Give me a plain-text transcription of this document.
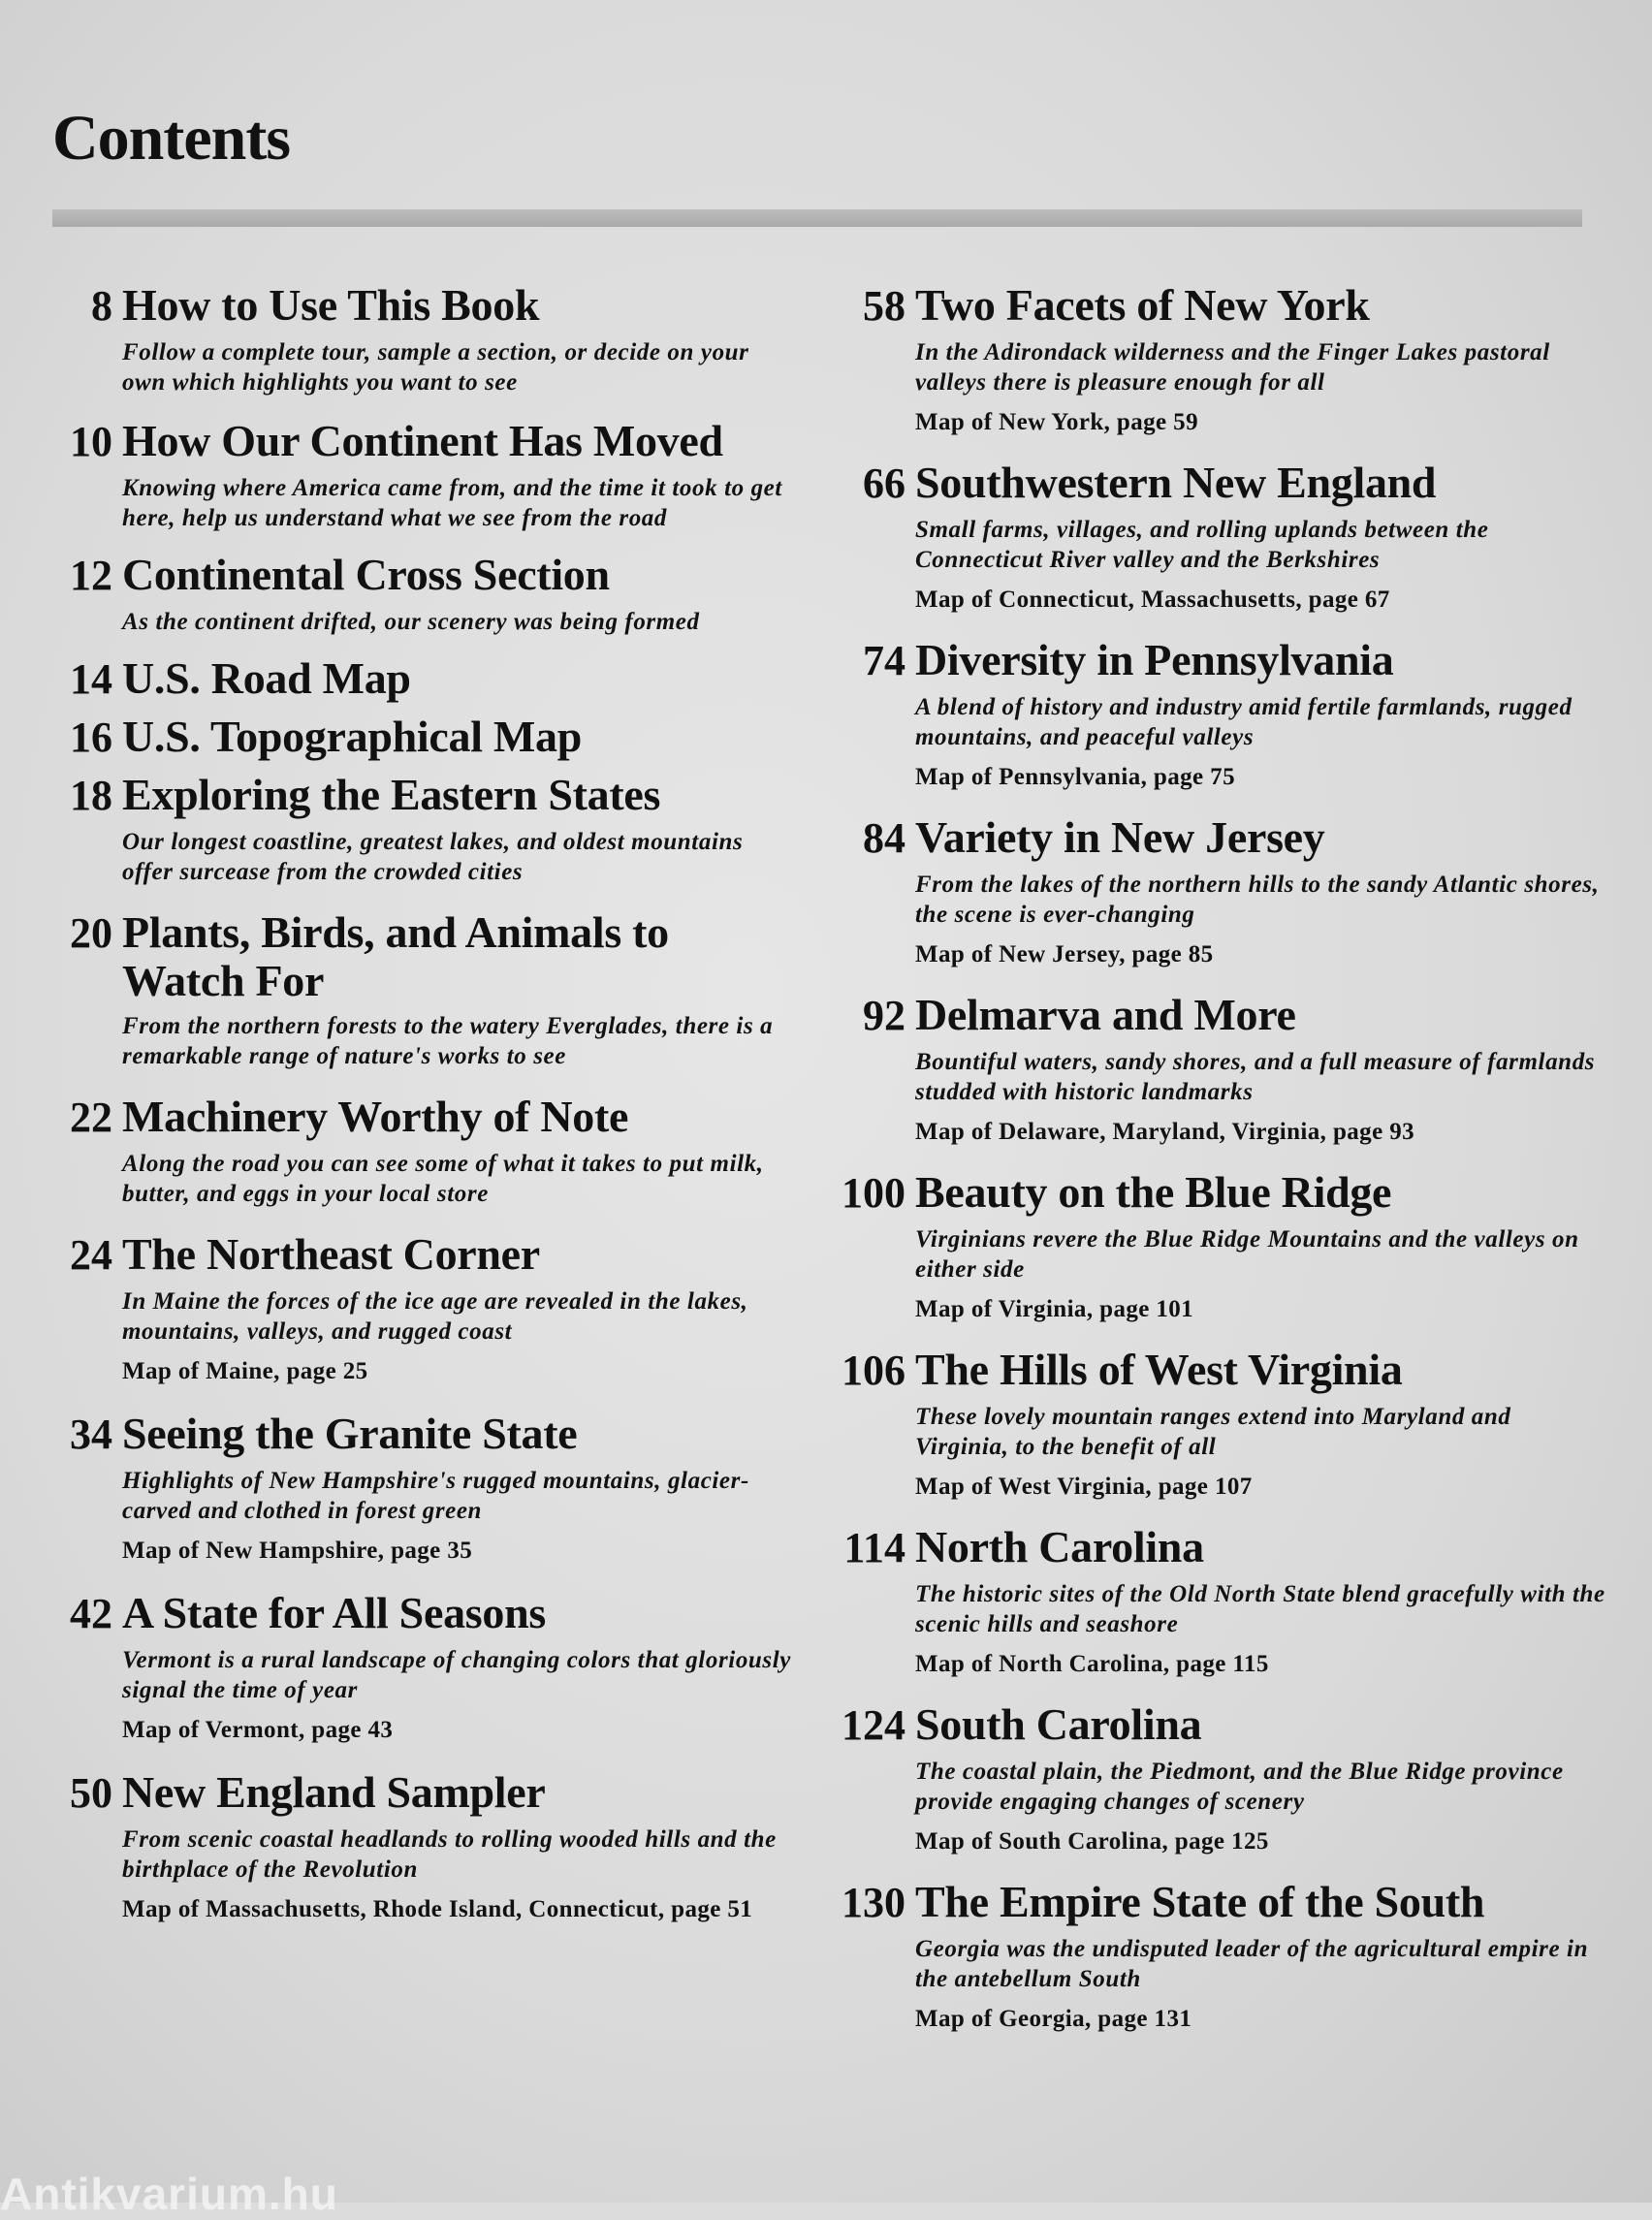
Contents
8 How to Use This Book
Follow a complete tour, sample a section, or decide on your own which highlights you want to see
10 How Our Continent Has Moved
Knowing where America came from, and the time it took to get here, help us understand what we see from the road
12 Continental Cross Section
As the continent drifted, our scenery was being formed
14 U.S. Road Map
16 U.S. Topographical Map
18 Exploring the Eastern States
Our longest coastline, greatest lakes, and oldest mountains offer surcease from the crowded cities
20 Plants, Birds, and Animals to Watch For
From the northern forests to the watery Everglades, there is a remarkable range of nature's works to see
22 Machinery Worthy of Note
Along the road you can see some of what it takes to put milk, butter, and eggs in your local store
24 The Northeast Corner
In Maine the forces of the ice age are revealed in the lakes, mountains, valleys, and rugged coast
Map of Maine, page 25
34 Seeing the Granite State
Highlights of New Hampshire's rugged mountains, glacier-carved and clothed in forest green
Map of New Hampshire, page 35
42 A State for All Seasons
Vermont is a rural landscape of changing colors that gloriously signal the time of year
Map of Vermont, page 43
50 New England Sampler
From scenic coastal headlands to rolling wooded hills and the birthplace of the Revolution
Map of Massachusetts, Rhode Island, Connecticut, page 51
58 Two Facets of New York
In the Adirondack wilderness and the Finger Lakes pastoral valleys there is pleasure enough for all
Map of New York, page 59
66 Southwestern New England
Small farms, villages, and rolling uplands between the Connecticut River valley and the Berkshires
Map of Connecticut, Massachusetts, page 67
74 Diversity in Pennsylvania
A blend of history and industry amid fertile farmlands, rugged mountains, and peaceful valleys
Map of Pennsylvania, page 75
84 Variety in New Jersey
From the lakes of the northern hills to the sandy Atlantic shores, the scene is ever-changing
Map of New Jersey, page 85
92 Delmarva and More
Bountiful waters, sandy shores, and a full measure of farmlands studded with historic landmarks
Map of Delaware, Maryland, Virginia, page 93
100 Beauty on the Blue Ridge
Virginians revere the Blue Ridge Mountains and the valleys on either side
Map of Virginia, page 101
106 The Hills of West Virginia
These lovely mountain ranges extend into Maryland and Virginia, to the benefit of all
Map of West Virginia, page 107
114 North Carolina
The historic sites of the Old North State blend gracefully with the scenic hills and seashore
Map of North Carolina, page 115
124 South Carolina
The coastal plain, the Piedmont, and the Blue Ridge province provide engaging changes of scenery
Map of South Carolina, page 125
130 The Empire State of the South
Georgia was the undisputed leader of the agricultural empire in the antebellum South
Map of Georgia, page 131
Antikvarium.hu
